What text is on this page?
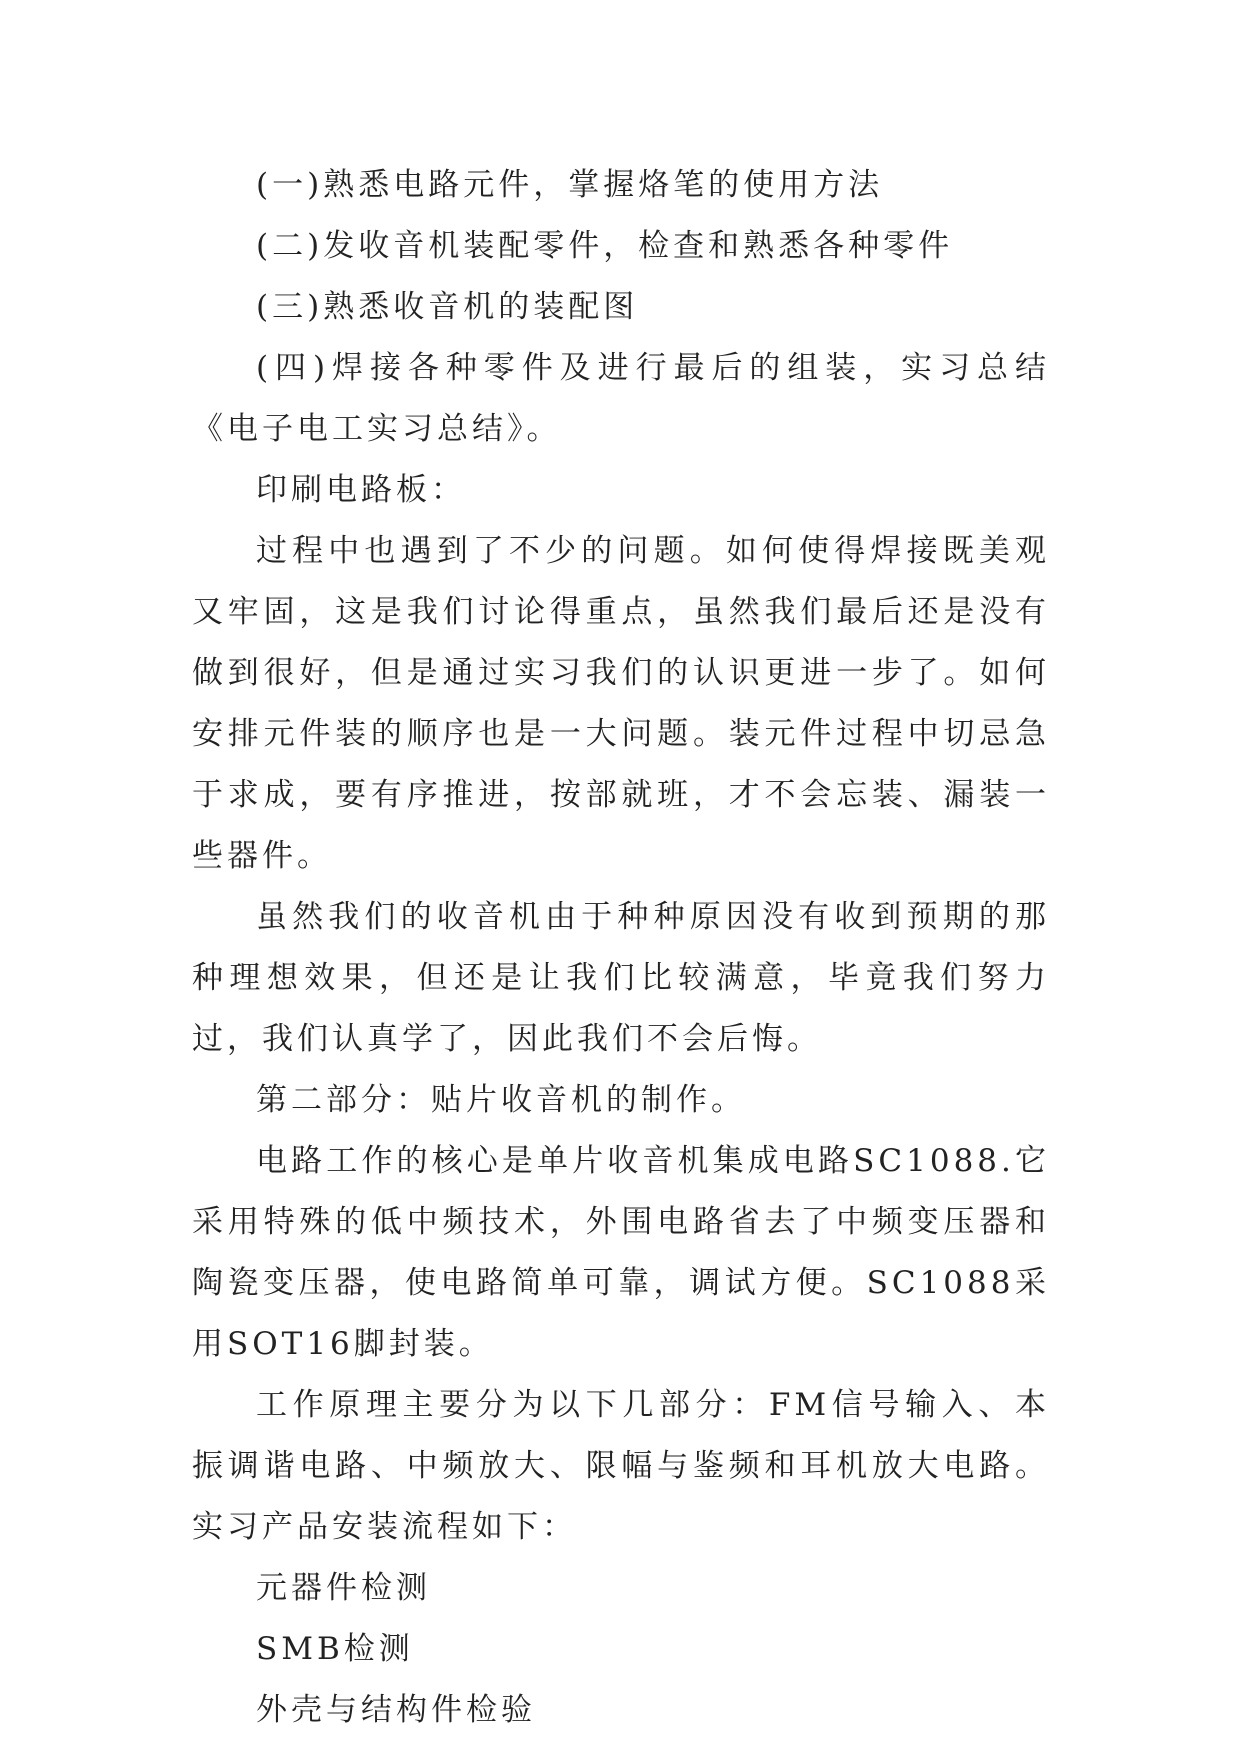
(一)熟悉电路元件，掌握烙笔的使用方法

(二)发收音机装配零件，检查和熟悉各种零件

(三)熟悉收音机的装配图

(四)焊接各种零件及进行最后的组装，实习总结《电子电工实习总结》。

印刷电路板：

过程中也遇到了不少的问题。如何使得焊接既美观又牢固，这是我们讨论得重点，虽然我们最后还是没有做到很好，但是通过实习我们的认识更进一步了。如何安排元件装的顺序也是一大问题。装元件过程中切忌急于求成，要有序推进，按部就班，才不会忘装、漏装一些器件。

虽然我们的收音机由于种种原因没有收到预期的那种理想效果，但还是让我们比较满意，毕竟我们努力过，我们认真学了，因此我们不会后悔。

第二部分：贴片收音机的制作。

电路工作的核心是单片收音机集成电路SC1088.它采用特殊的低中频技术，外围电路省去了中频变压器和陶瓷变压器，使电路简单可靠，调试方便。SC1088采用SOT16脚封装。

工作原理主要分为以下几部分：FM信号输入、本振调谐电路、中频放大、限幅与鉴频和耳机放大电路。实习产品安装流程如下：

元器件检测

SMB检测

外壳与结构件检验
